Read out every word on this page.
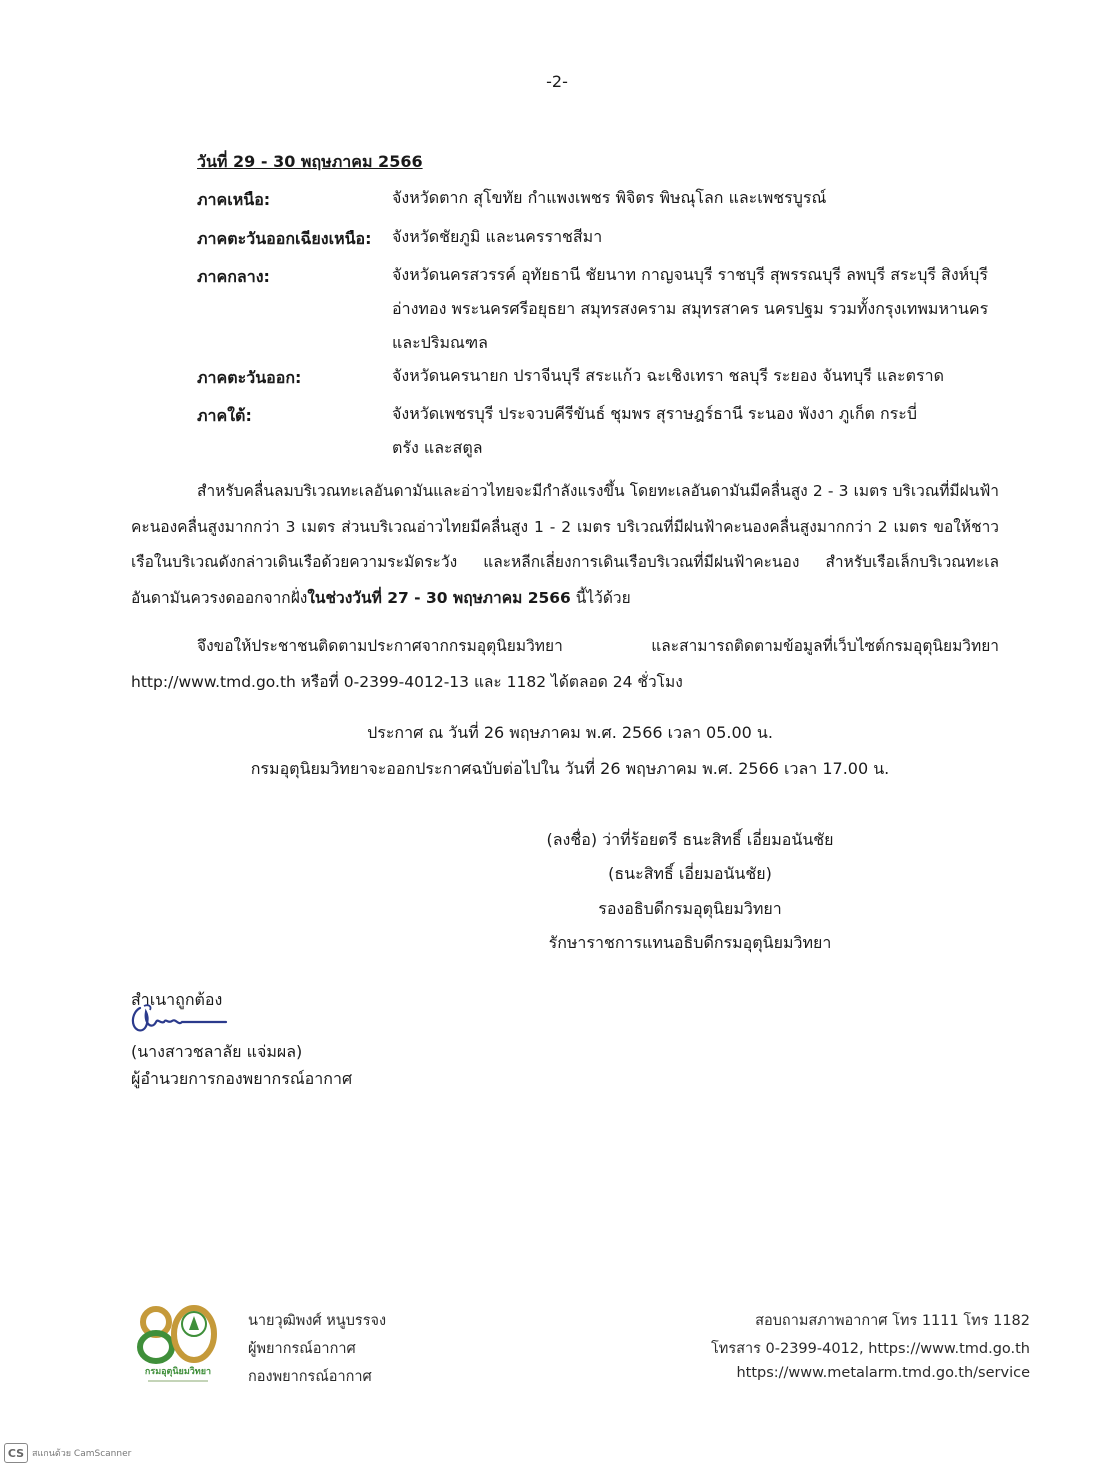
-2-
วันที่ 29 - 30 พฤษภาคม 2566
ภาคเหนือ:	จังหวัดตาก สุโขทัย กำแพงเพชร พิจิตร พิษณุโลก และเพชรบูรณ์
ภาคตะวันออกเฉียงเหนือ: จังหวัดชัยภูมิ และนครราชสีมา
ภาคกลาง:	จังหวัดนครสวรรค์ อุทัยธานี ชัยนาท กาญจนบุรี ราชบุรี สุพรรณบุรี ลพบุรี สระบุรี สิงห์บุรี
อ่างทอง พระนครศรีอยุธยา สมุทรสงคราม สมุทรสาคร นครปฐม รวมทั้งกรุงเทพมหานคร
และปริมณฑล
ภาคตะวันออก:	จังหวัดนครนายก ปราจีนบุรี สระแก้ว ฉะเชิงเทรา ชลบุรี ระยอง จันทบุรี และตราด
ภาคใต้:	จังหวัดเพชรบุรี ประจวบคีรีขันธ์ ชุมพร สุราษฎร์ธานี ระนอง พังงา ภูเก็ต กระบี่
ตรัง และสตูล
สำหรับคลื่นลมบริเวณทะเลอันดามันและอ่าวไทยจะมีกำลังแรงขึ้น โดยทะเลอันดามันมีคลื่นสูง 2 - 3 เมตร บริเวณที่มีฝนฟ้าคะนองคลื่นสูงมากกว่า 3 เมตร ส่วนบริเวณอ่าวไทยมีคลื่นสูง 1 - 2 เมตร บริเวณที่มีฝนฟ้าคะนองคลื่นสูงมากกว่า 2 เมตร ขอให้ชาวเรือในบริเวณดังกล่าวเดินเรือด้วยความระมัดระวัง และหลีกเลี่ยงการเดินเรือบริเวณที่มีฝนฟ้าคะนอง สำหรับเรือเล็กบริเวณทะเลอันดามันควรงดออกจากฝั่งในช่วงวันที่ 27 - 30 พฤษภาคม 2566 นี้ไว้ด้วย
จึงขอให้ประชาชนติดตามประกาศจากกรมอุตุนิยมวิทยา และสามารถติดตามข้อมูลที่เว็บไซต์กรมอุตุนิยมวิทยา http://www.tmd.go.th หรือที่ 0-2399-4012-13 และ 1182 ได้ตลอด 24 ชั่วโมง
ประกาศ ณ วันที่ 26 พฤษภาคม พ.ศ. 2566 เวลา 05.00 น.
กรมอุตุนิยมวิทยาจะออกประกาศฉบับต่อไปใน วันที่ 26 พฤษภาคม พ.ศ. 2566 เวลา 17.00 น.
(ลงชื่อ) ว่าที่ร้อยตรี ธนะสิทธิ์ เอี่ยมอนันชัย
(ธนะสิทธิ์ เอี่ยมอนันชัย)
รองอธิบดีกรมอุตุนิยมวิทยา
รักษาราชการแทนอธิบดีกรมอุตุนิยมวิทยา
สำเนาถูกต้อง
(นางสาวชลาลัย แจ่มผล)
ผู้อำนวยการกองพยากรณ์อากาศ
กรมอุตุนิยมวิทยา
นายวุฒิพงศ์ หนูบรรจง
ผู้พยากรณ์อากาศ
กองพยากรณ์อากาศ
สอบถามสภาพอากาศ โทร 1111 โทร 1182
โทรสาร 0-2399-4012, https://www.tmd.go.th
https://www.metalarm.tmd.go.th/service
CS สแกนด้วย CamScanner
